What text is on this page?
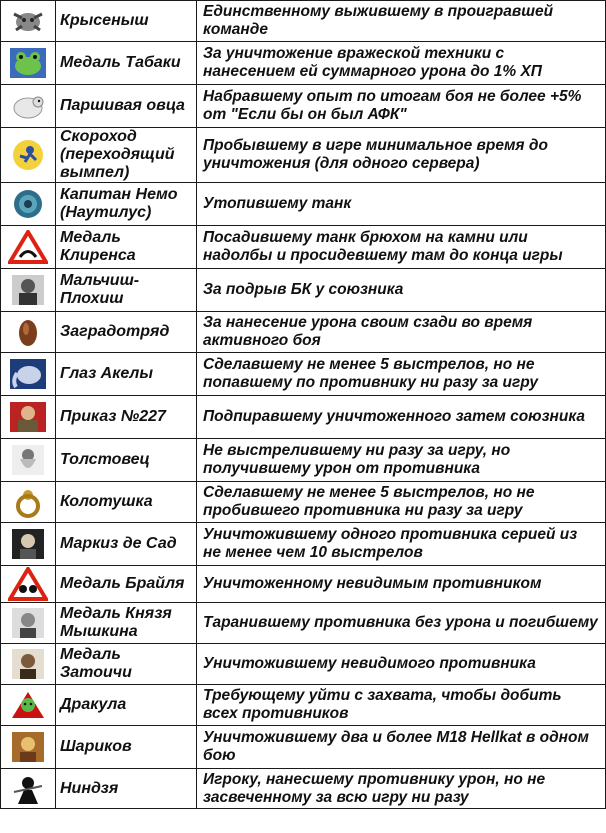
	Крысеныш	Единственному выжившему в проигравшей команде

	Медаль Табаки	За уничтожение вражеской техники с нанесением ей суммарного урона до 1% ХП

	Паршивая овца	Набравшему опыт по итогам боя не более +5% от "Если бы он был АФК"

	Скороход (переходящий вымпел)	Пробывшему в игре минимальное время до уничтожения (для одного сервера)

	Капитан Немо (Наутилус)	Утопившему танк

	Медаль Клиренса	Посадившему танк брюхом на камни или надолбы и просидевшему там до конца игры

	Мальчиш-Плохиш	За подрыв БК у союзника

	Заградотряд	За нанесение урона своим сзади во время активного боя

	Глаз Акелы	Сделавшему не менее 5 выстрелов, но не попавшему по противнику ни разу за игру

	Приказ №227	Подпиравшему уничтоженного затем союзника

	Толстовец	Не выстрелившему ни разу за игру, но получившему урон от противника

	Колотушка	Сделавшему не менее 5 выстрелов, но не пробившего противника ни разу за игру

	Маркиз де Сад	Уничтожившему одного противника серией из не менее чем 10 выстрелов

	Медаль Брайля	Уничтоженному невидимым противником

	Медаль Князя Мышкина	Таранившему противника без урона и погибшему

	Медаль Затоичи	Уничтожившему невидимого противника

	Дракула	Требующему уйти с захвата, чтобы добить всех противников

	Шариков	Уничтожившему два и более M18 Hellkat в одном бою

	Ниндзя	Игроку, нанесшему противнику урон, но не засвеченному за всю игру ни разу
